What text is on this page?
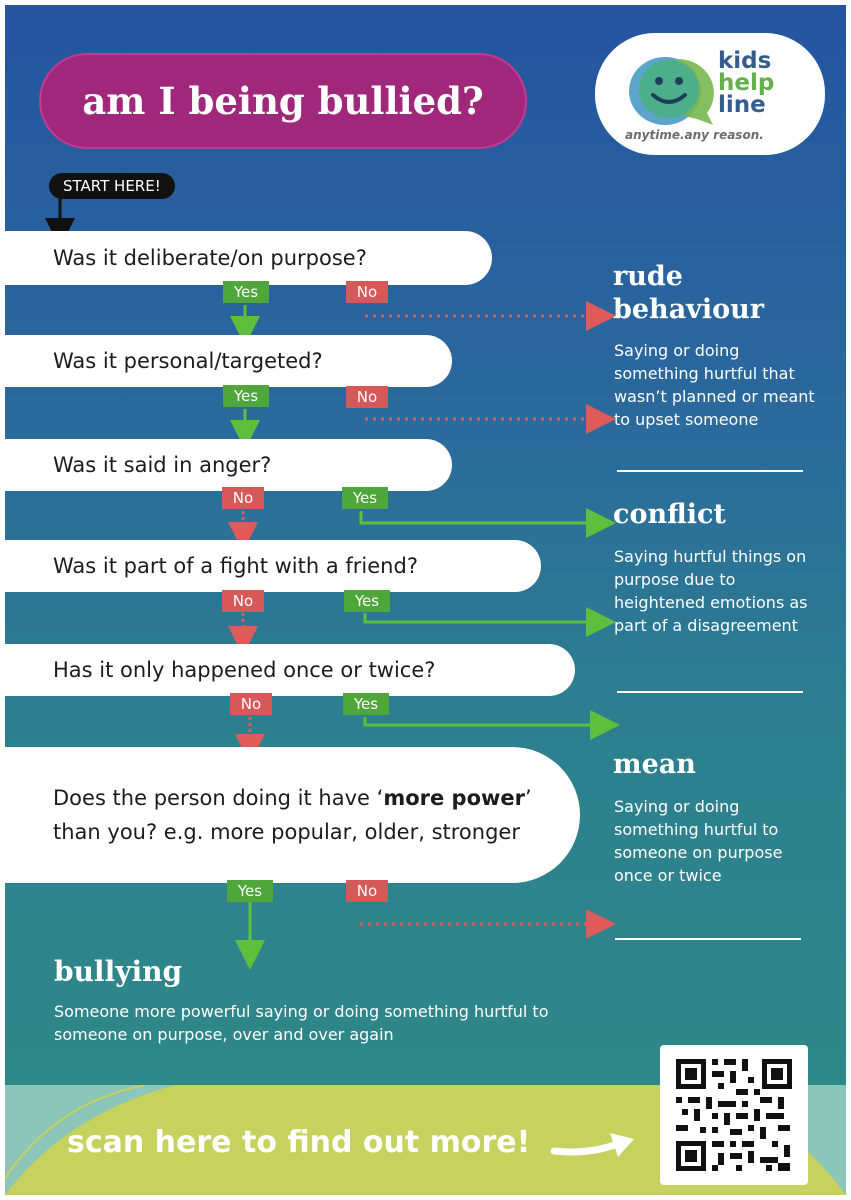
am I being bullied?
kids
help
line
anytime.any reason.
START HERE!
Was it deliberate/on purpose?
Was it personal/targeted?
Was it said in anger?
Was it part of a fight with a friend?
Has it only happened once or twice?
Does the person doing it have ‘more power’ than you? e.g. more popular, older, stronger
Yes	No
Yes	No
No	Yes
No	Yes
No	Yes
Yes	No
rude behaviour
Saying or doing something hurtful that wasn’t planned or meant to upset someone
conflict
Saying hurtful things on purpose due to heightened emotions as part of a disagreement
mean
Saying or doing something hurtful to someone on purpose once or twice
bullying
Someone more powerful saying or doing something hurtful to someone on purpose, over and over again
scan here to find out more!
